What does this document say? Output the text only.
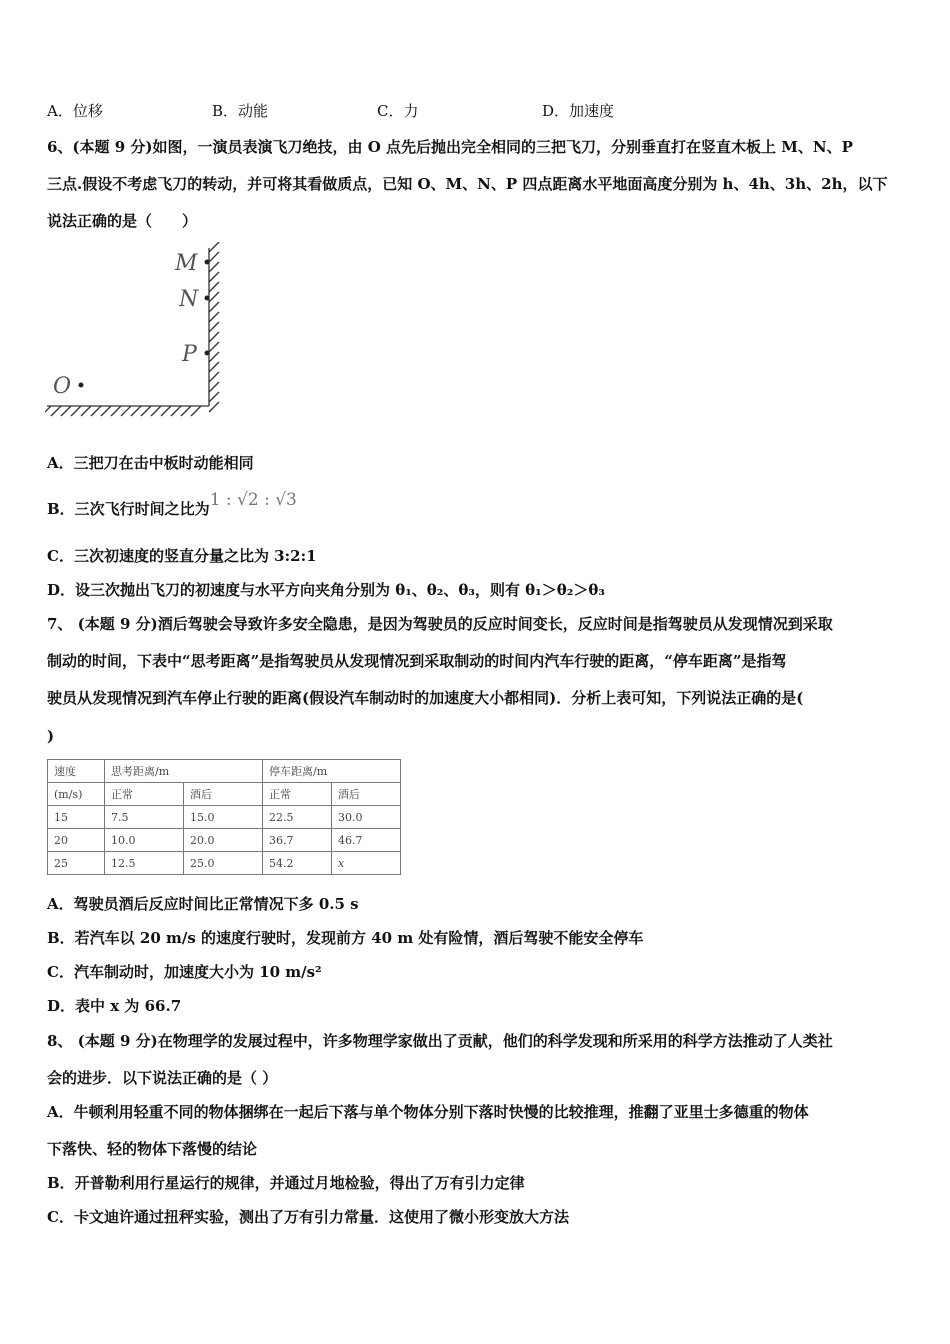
A．位移	B．动能	C．力	D．加速度
6、(本题 9 分)如图，一演员表演飞刀绝技，由 O 点先后抛出完全相同的三把飞刀，分别垂直打在竖直木板上 M、N、P
三点.假设不考虑飞刀的转动，并可将其看做质点，已知 O、M、N、P 四点距离水平地面高度分别为 h、4h、3h、2h，以下
说法正确的是（　　）
M
N
P
O
A．三把刀在击中板时动能相同
B．三次飞行时间之比为1 : √2 : √3
C．三次初速度的竖直分量之比为 3:2:1
D．设三次抛出飞刀的初速度与水平方向夹角分别为 θ₁、θ₂、θ₃，则有 θ₁＞θ₂＞θ₃
7、 (本题 9 分)酒后驾驶会导致许多安全隐患，是因为驾驶员的反应时间变长，反应时间是指驾驶员从发现情况到采取
制动的时间，下表中“思考距离”是指驾驶员从发现情况到采取制动的时间内汽车行驶的距离，“停车距离”是指驾
驶员从发现情况到汽车停止行驶的距离(假设汽车制动时的加速度大小都相同)．分析上表可知，下列说法正确的是(
)
速度	思考距离/m		停车距离/m	
(m/s)	正常	酒后	正常	酒后
15	7.5	15.0	22.5	30.0
20	10.0	20.0	36.7	46.7
25	12.5	25.0	54.2	x
A．驾驶员酒后反应时间比正常情况下多 0.5 s
B．若汽车以 20 m/s 的速度行驶时，发现前方 40 m 处有险情，酒后驾驶不能安全停车
C．汽车制动时，加速度大小为 10 m/s²
D．表中 x 为 66.7
8、 (本题 9 分)在物理学的发展过程中，许多物理学家做出了贡献，他们的科学发现和所采用的科学方法推动了人类社
会的进步．以下说法正确的是（ ）
A．牛顿利用轻重不同的物体捆绑在一起后下落与单个物体分别下落时快慢的比较推理，推翻了亚里士多德重的物体
下落快、轻的物体下落慢的结论
B．开普勒利用行星运行的规律，并通过月地检验，得出了万有引力定律
C．卡文迪许通过扭秤实验，测出了万有引力常量．这使用了微小形变放大方法
